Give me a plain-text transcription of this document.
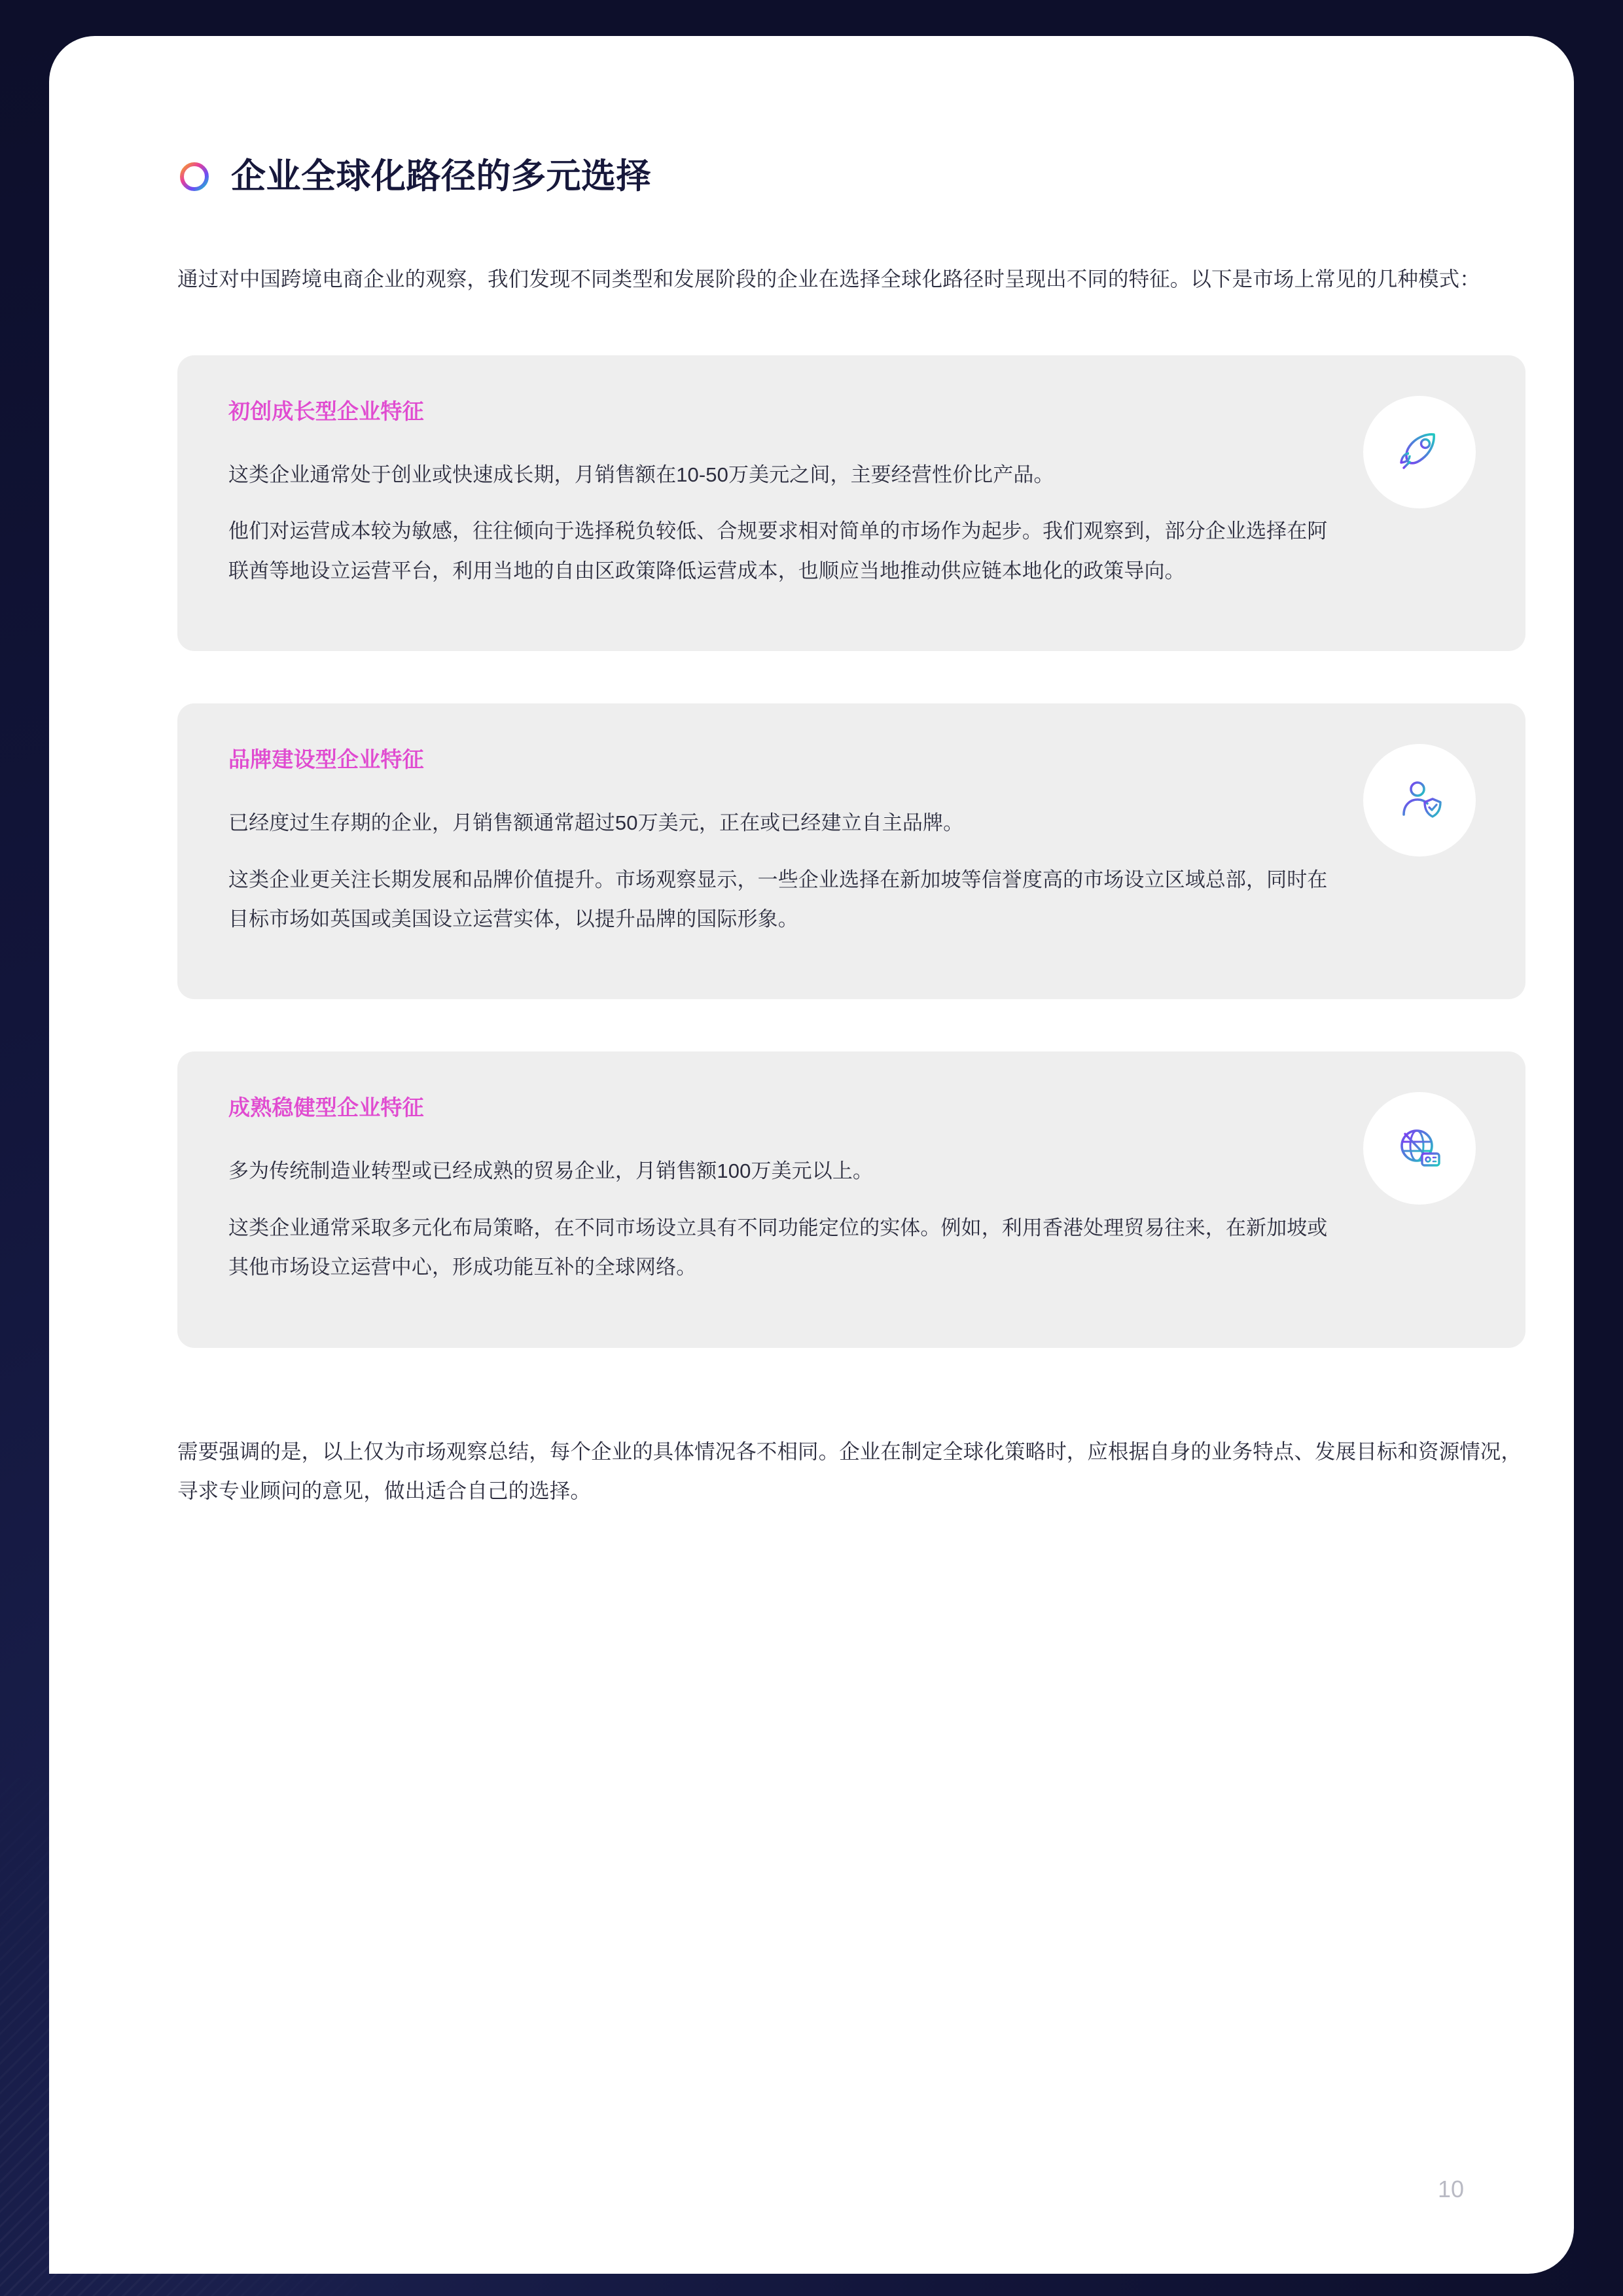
企业全球化路径的多元选择

通过对中国跨境电商企业的观察，我们发现不同类型和发展阶段的企业在选择全球化路径时呈现出不同的特征。以下是市场上常见的几种模式：

初创成长型企业特征

这类企业通常处于创业或快速成长期，月销售额在10-50万美元之间，主要经营性价比产品。

他们对运营成本较为敏感，往往倾向于选择税负较低、合规要求相对简单的市场作为起步。我们观察到，部分企业选择在阿联酋等地设立运营平台，利用当地的自由区政策降低运营成本，也顺应当地推动供应链本地化的政策导向。

品牌建设型企业特征

已经度过生存期的企业，月销售额通常超过50万美元，正在或已经建立自主品牌。

这类企业更关注长期发展和品牌价值提升。市场观察显示，一些企业选择在新加坡等信誉度高的市场设立区域总部，同时在目标市场如英国或美国设立运营实体，以提升品牌的国际形象。

成熟稳健型企业特征

多为传统制造业转型或已经成熟的贸易企业，月销售额100万美元以上。

这类企业通常采取多元化布局策略，在不同市场设立具有不同功能定位的实体。例如，利用香港处理贸易往来，在新加坡或其他市场设立运营中心，形成功能互补的全球网络。

需要强调的是，以上仅为市场观察总结，每个企业的具体情况各不相同。企业在制定全球化策略时，应根据自身的业务特点、发展目标和资源情况，寻求专业顾问的意见，做出适合自己的选择。

10
